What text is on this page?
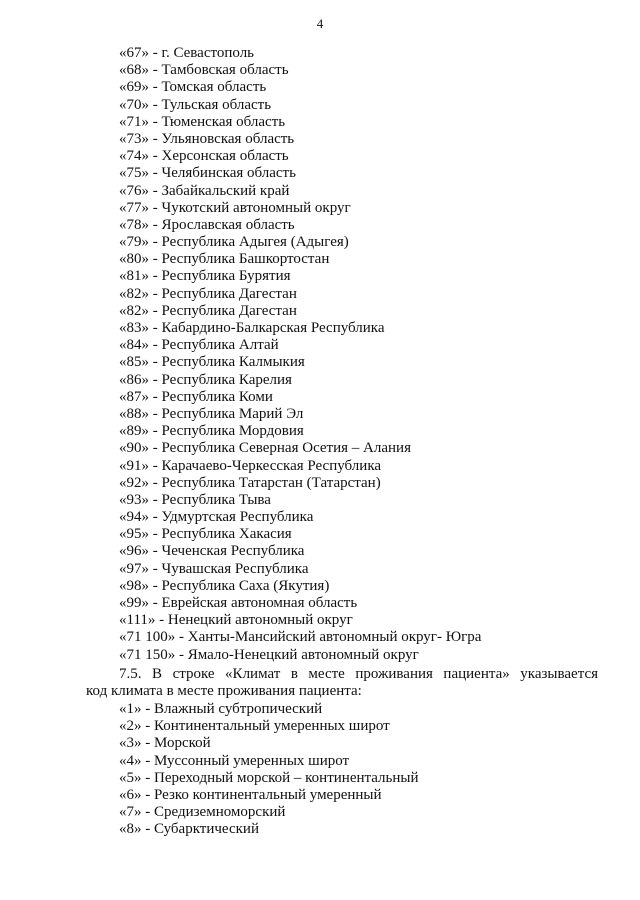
4
«67» - г. Севастополь
«68» - Тамбовская область
«69» - Томская область
«70» - Тульская область
«71» - Тюменская область
«73» - Ульяновская область
«74» - Херсонская область
«75» - Челябинская область
«76» - Забайкальский край
«77» - Чукотский автономный округ
«78» - Ярославская область
«79» - Республика Адыгея (Адыгея)
«80» - Республика Башкортостан
«81» - Республика Бурятия
«82» - Республика Дагестан
«82» - Республика Дагестан
«83» - Кабардино-Балкарская Республика
«84» - Республика Алтай
«85» - Республика Калмыкия
«86» - Республика Карелия
«87» - Республика Коми
«88» - Республика Марий Эл
«89» - Республика Мордовия
«90» - Республика Северная Осетия – Алания
«91» - Карачаево-Черкесская Республика
«92» - Республика Татарстан (Татарстан)
«93» - Республика Тыва
«94» - Удмуртская Республика
«95» - Республика Хакасия
«96» - Чеченская Республика
«97» - Чувашская Республика
«98» - Республика Саха (Якутия)
«99» - Еврейская автономная область
«111» - Ненецкий автономный округ
«71 100» - Ханты-Мансийский автономный округ- Югра
«71 150» - Ямало-Ненецкий автономный округ
7.5. В строке «Климат в месте проживания пациента» указывается
код климата в месте проживания пациента:
«1» - Влажный субтропический
«2» - Континентальный умеренных широт
«3» - Морской
«4» - Муссонный умеренных широт
«5» - Переходный морской – континентальный
«6» - Резко континентальный умеренный
«7» - Средиземноморский
«8» - Субарктический
